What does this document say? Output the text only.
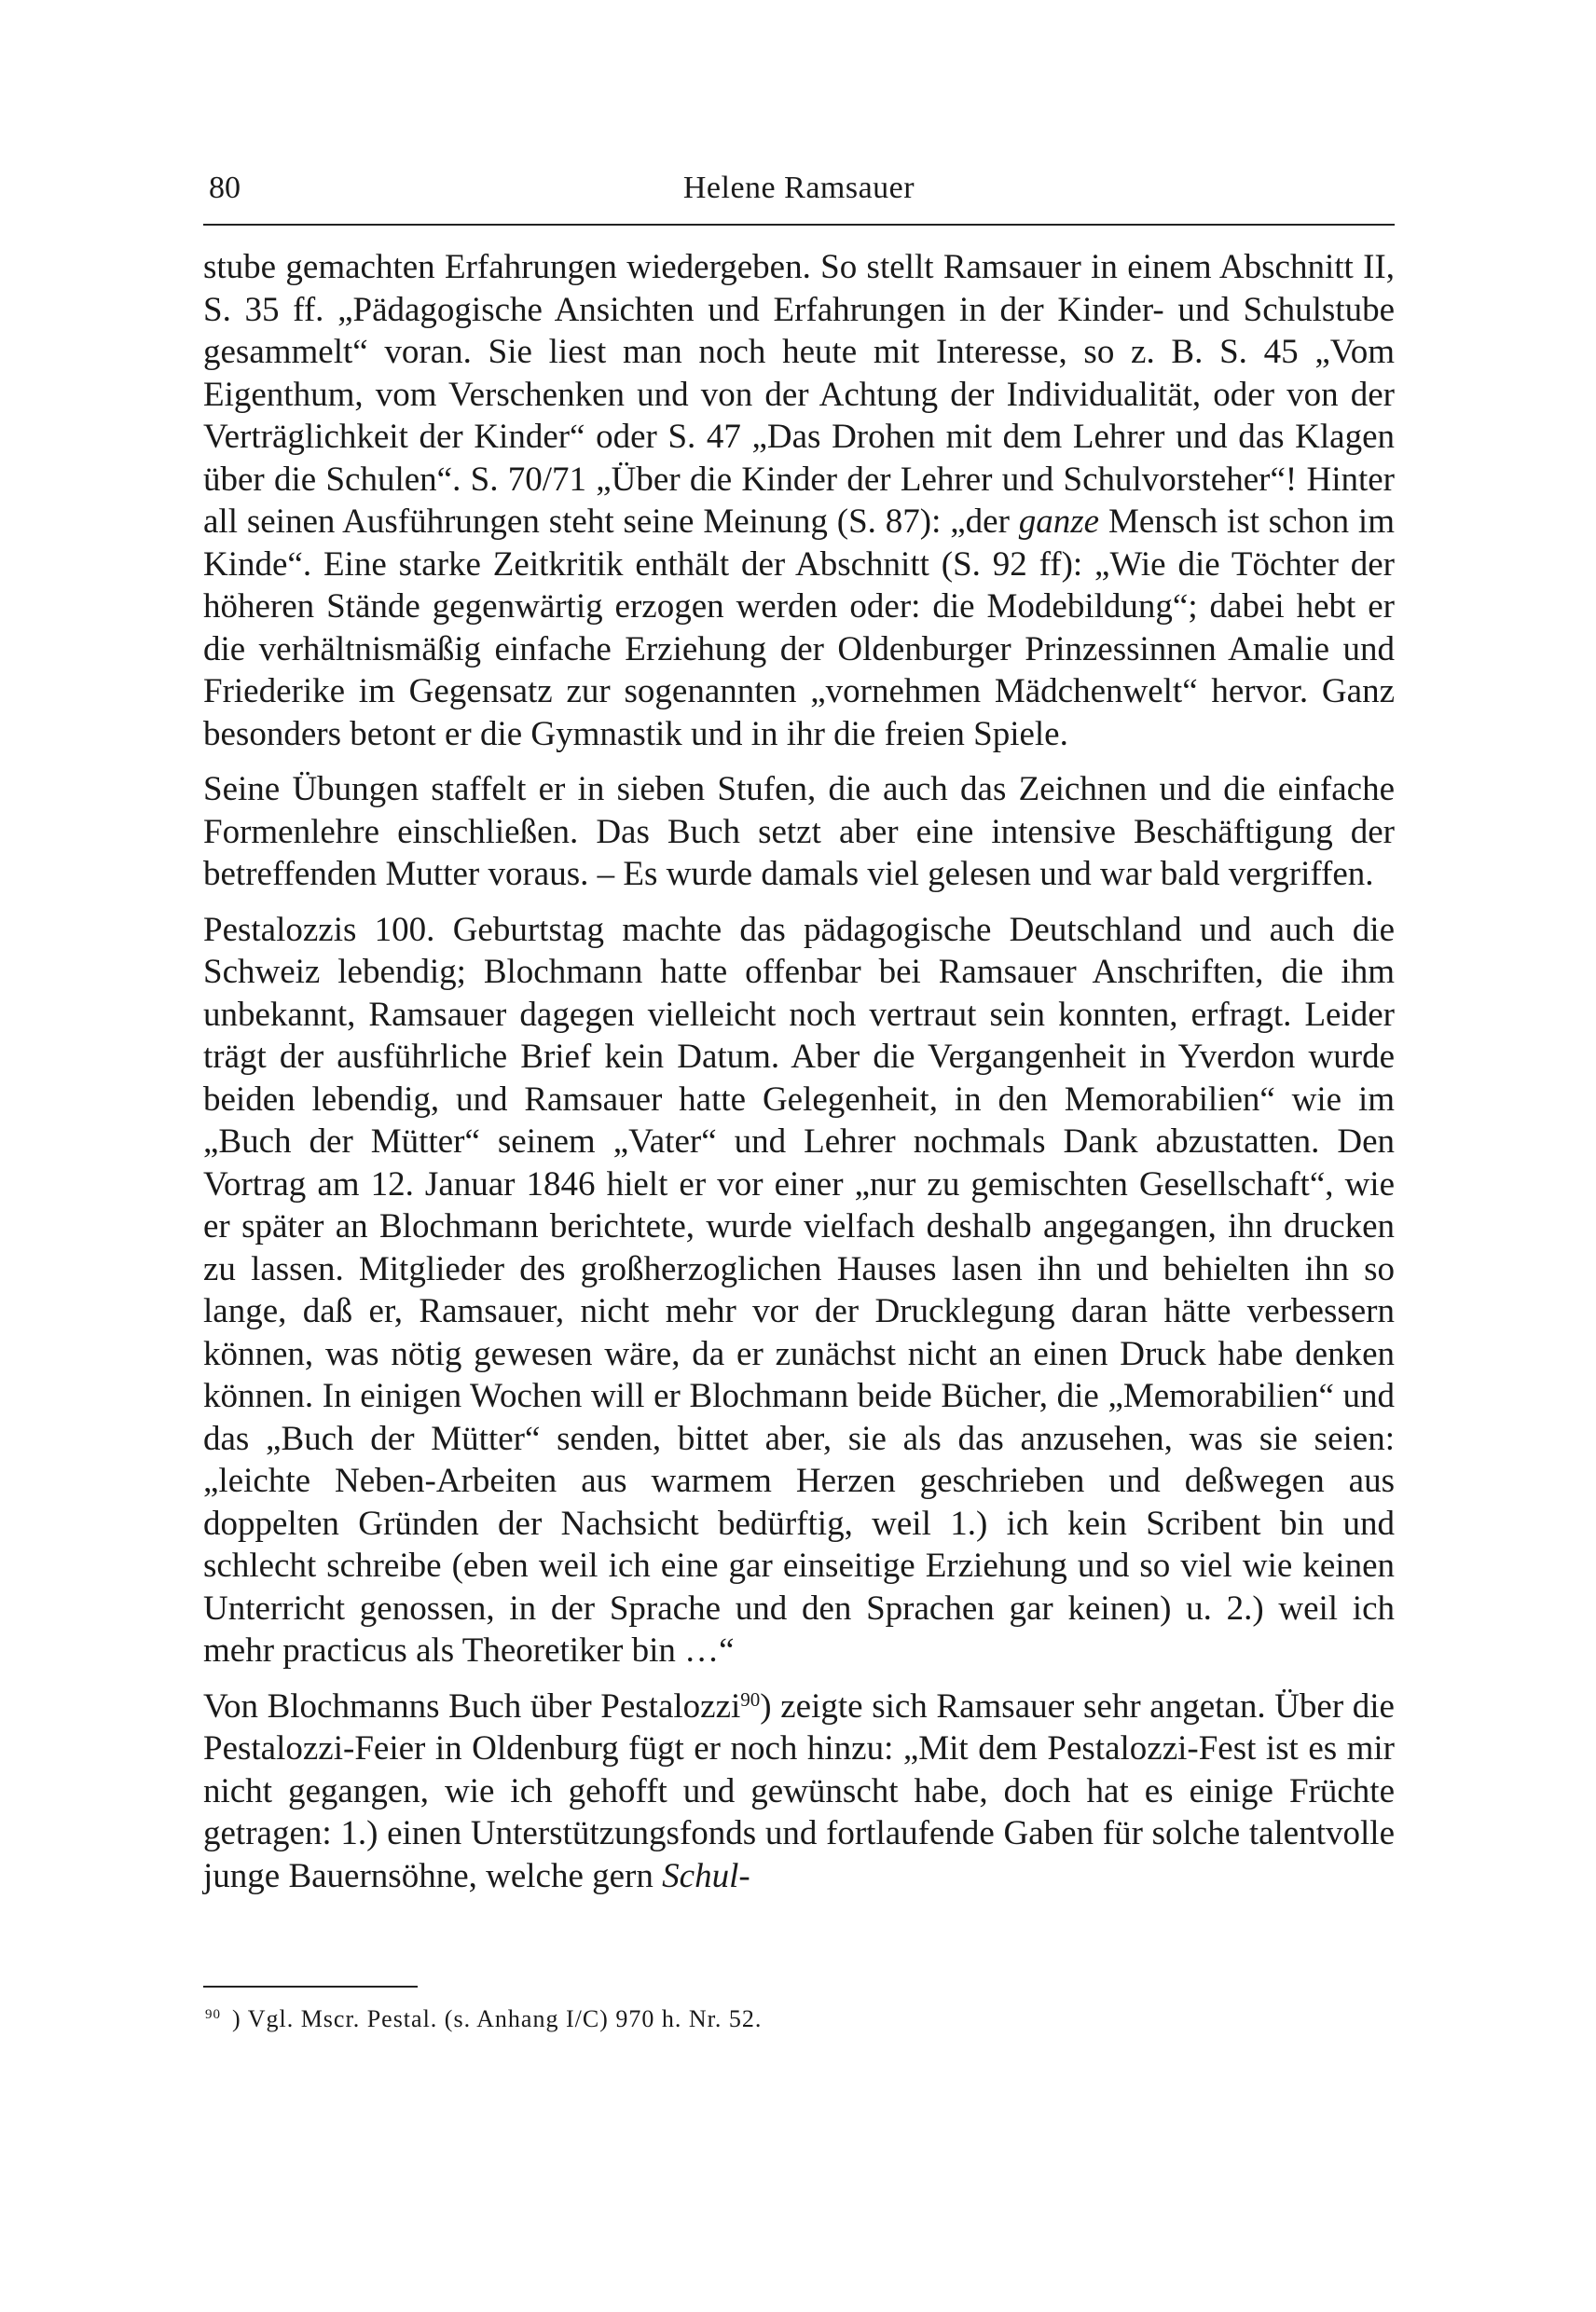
Helene Ramsauer
80

stube gemachten Erfahrungen wiedergeben. So stellt Ramsauer in einem Abschnitt II, S. 35 ff. „Pädagogische Ansichten und Erfahrungen in der Kinder- und Schulstube gesammelt“ voran. Sie liest man noch heute mit Interesse, so z. B. S. 45 „Vom Eigenthum, vom Verschenken und von der Achtung der Individualität, oder von der Verträglichkeit der Kinder“ oder S. 47 „Das Drohen mit dem Lehrer und das Klagen über die Schulen“. S. 70/71 „Über die Kinder der Lehrer und Schulvorsteher“! Hinter all seinen Ausführungen steht seine Meinung (S. 87): „der ganze Mensch ist schon im Kinde“. Eine starke Zeitkritik enthält der Abschnitt (S. 92 ff): „Wie die Töchter der höheren Stände gegenwärtig erzogen werden oder: die Modebildung“; dabei hebt er die verhältnismäßig einfache Erziehung der Oldenburger Prinzessinnen Amalie und Friederike im Gegensatz zur sogenannten „vornehmen Mädchenwelt“ hervor. Ganz besonders betont er die Gymnastik und in ihr die freien Spiele.

Seine Übungen staffelt er in sieben Stufen, die auch das Zeichnen und die einfache Formenlehre einschließen. Das Buch setzt aber eine intensive Beschäftigung der betreffenden Mutter voraus. – Es wurde damals viel gelesen und war bald vergriffen.

Pestalozzis 100. Geburtstag machte das pädagogische Deutschland und auch die Schweiz lebendig; Blochmann hatte offenbar bei Ramsauer Anschriften, die ihm unbekannt, Ramsauer dagegen vielleicht noch vertraut sein konnten, erfragt. Leider trägt der ausführliche Brief kein Datum. Aber die Vergangenheit in Yverdon wurde beiden lebendig, und Ramsauer hatte Gelegenheit, in den Memorabilien“ wie im „Buch der Mütter“ seinem „Vater“ und Lehrer nochmals Dank abzustatten. Den Vortrag am 12. Januar 1846 hielt er vor einer „nur zu gemischten Gesellschaft“, wie er später an Blochmann berichtete, wurde vielfach deshalb angegangen, ihn drucken zu lassen. Mitglieder des großherzoglichen Hauses lasen ihn und behielten ihn so lange, daß er, Ramsauer, nicht mehr vor der Drucklegung daran hätte verbessern können, was nötig gewesen wäre, da er zunächst nicht an einen Druck habe denken können. In einigen Wochen will er Blochmann beide Bücher, die „Memorabilien“ und das „Buch der Mütter“ senden, bittet aber, sie als das anzusehen, was sie seien: „leichte Neben-Arbeiten aus warmem Herzen geschrieben und deßwegen aus doppelten Gründen der Nachsicht bedürftig, weil 1.) ich kein Scribent bin und schlecht schreibe (eben weil ich eine gar einseitige Erziehung und so viel wie keinen Unterricht genossen, in der Sprache und den Sprachen gar keinen) u. 2.) weil ich mehr practicus als Theoretiker bin …“

Von Blochmanns Buch über Pestalozzi$^{90}$) zeigte sich Ramsauer sehr angetan. Über die Pestalozzi-Feier in Oldenburg fügt er noch hinzu: „Mit dem Pestalozzi-Fest ist es mir nicht gegangen, wie ich gehofft und gewünscht habe, doch hat es einige Früchte getragen: 1.) einen Unterstützungsfonds und fortlaufende Gaben für solche talentvolle junge Bauernsöhne, welche gern Schul-

$^{90}$ ) Vgl. Mscr. Pestal. (s. Anhang I/C) 970 h. Nr. 52.
